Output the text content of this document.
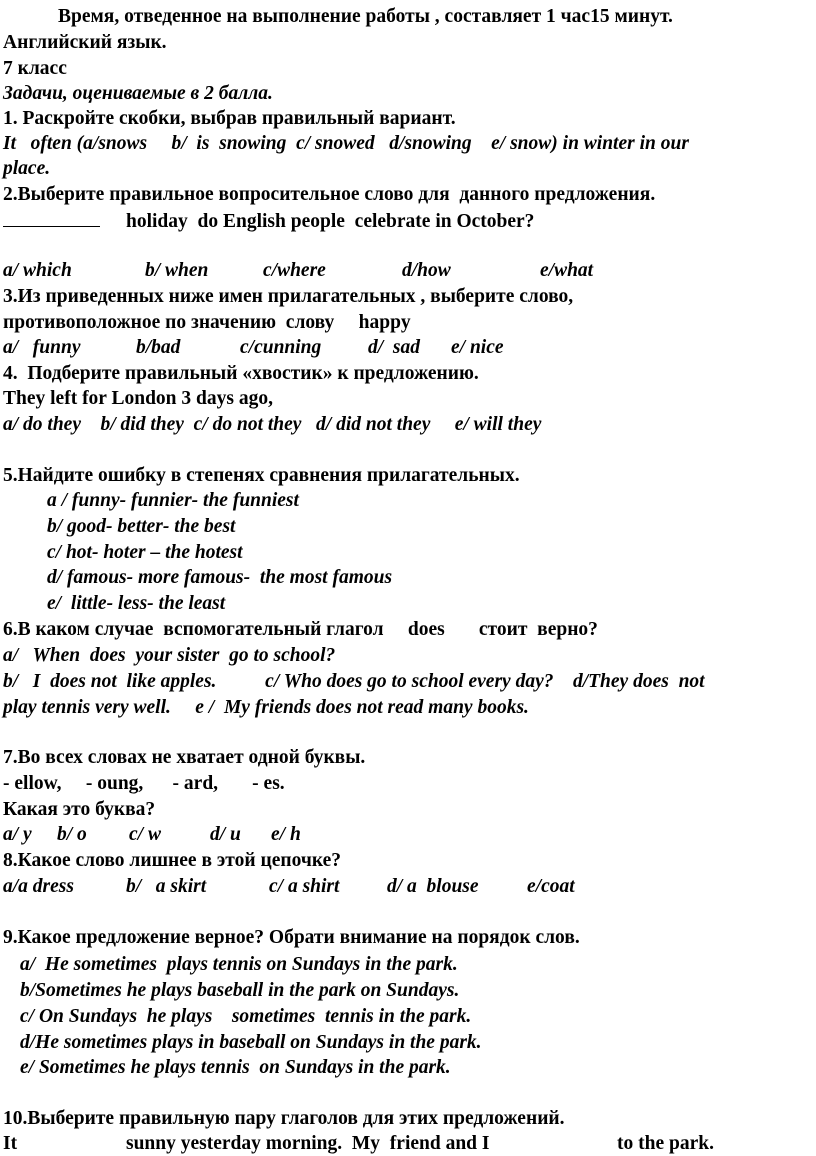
Время, отведенное на выполнение работы , составляет 1 час15 минут.
Английский язык.
7 класс
Задачи, оцениваемые в 2 балла.
1. Раскройте скобки, выбрав правильный вариант.
It   often (a/snows     b/  is  snowing  c/ snowed   d/snowing    e/ snow) in winter in our
place.
2.Выберите правильное вопросительное слово для  данного предложения.
holiday  do English people  celebrate in October?
a/ which	b/ when	c/where	d/how	e/what
3.Из приведенных ниже имен прилагательных , выберите слово,
противоположное по значению  слову     happy
a/   funny	b/bad	c/cunning d/  sad e/ nice
4.  Подберите правильный «хвостик» к предложению.
They left for London 3 days ago,
a/ do they    b/ did they  c/ do not they   d/ did not they     e/ will they
5.Найдите ошибку в степенях сравнения прилагательных.
a / funny- funnier- the funniest
b/ good- better- the best
c/ hot- hoter – the hotest
d/ famous- more famous-  the most famous
e/  little- less- the least
6.В каком случае  вспомогательный глагол     does       стоит  верно?
a/   When  does  your sister  go to school?
b/   I  does not  like apples.          c/ Who does go to school every day?    d/They does  not
play tennis very well.     e /  My friends does not read many books.
7.Во всех словах не хватает одной буквы.
- ellow,     - oung,      - ard,       - es.
Какая это буква?
a/ y b/ o c/ w	d/ u e/ h
8.Какое слово лишнее в этой цепочке?
a/a dress	b/   a skirt	c/ a shirt d/ a  blouse e/coat
9.Какое предложение верное? Обрати внимание на порядок слов.
a/  He sometimes  plays tennis on Sundays in the park.
b/Sometimes he plays baseball in the park on Sundays.
c/ On Sundays  he plays    sometimes  tennis in the park.
d/He sometimes plays in baseball on Sundays in the park.
e/ Sometimes he plays tennis  on Sundays in the park.
10.Выберите правильную пару глаголов для этих предложений.
It	sunny yesterday morning.  My  friend and I	to the park.
